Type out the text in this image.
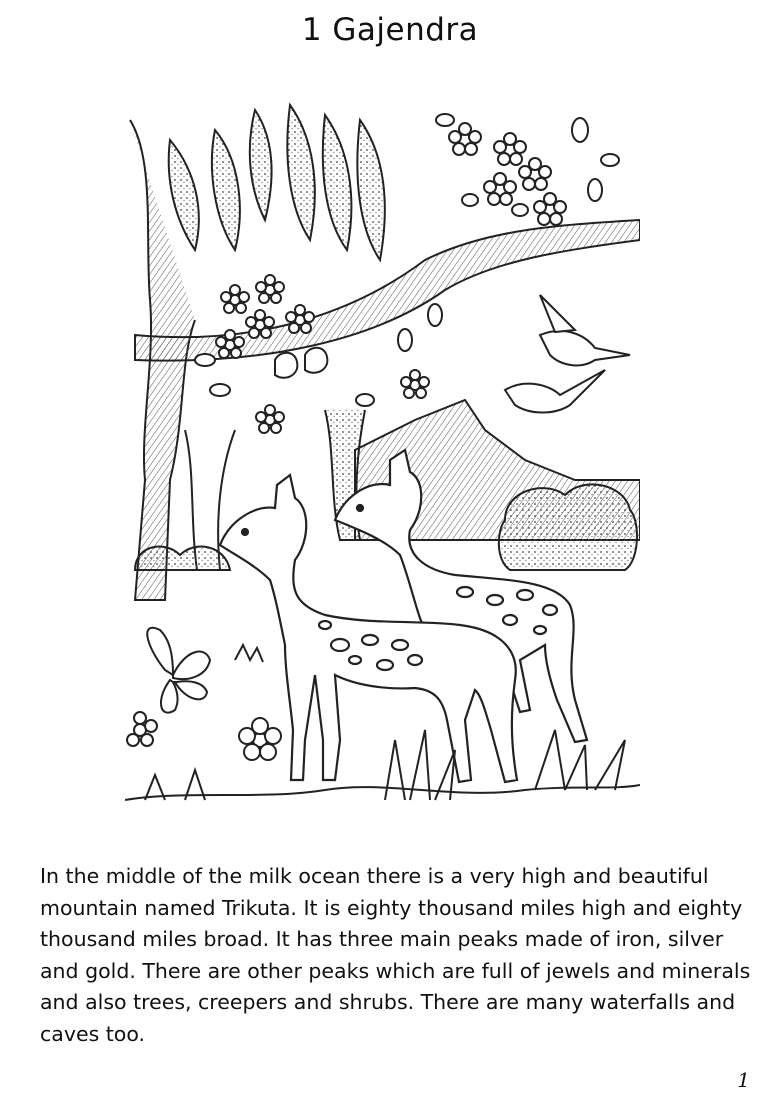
1 Gajendra

In the middle of the milk ocean there is a very high and beautiful mountain named Trikuta. It is eighty thousand miles high and eighty thousand miles broad. It has three main peaks made of iron, silver and gold. There are other peaks which are full of jewels and minerals and also trees, creepers and shrubs. There are many waterfalls and caves too.

1
